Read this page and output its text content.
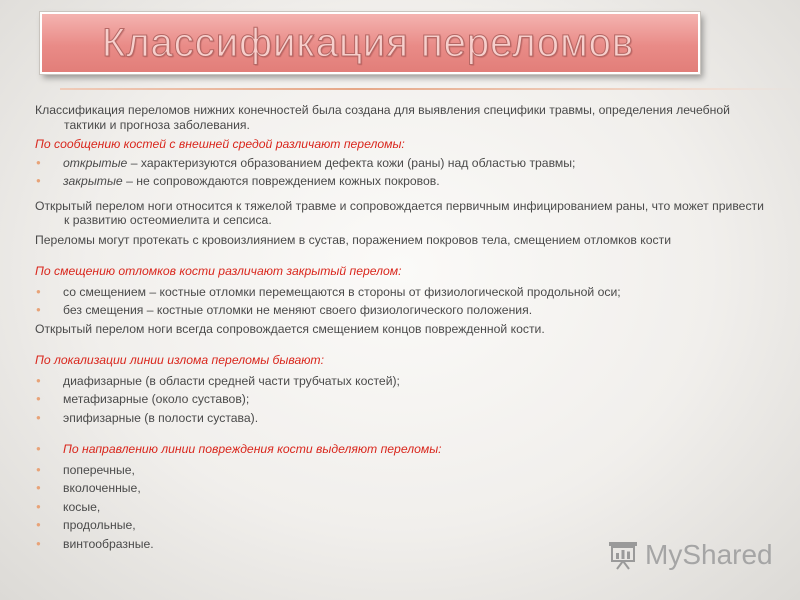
Классификация переломов

Классификация переломов нижних конечностей была создана для выявления специфики травмы, определения лечебной тактики и прогноза заболевания.

По сообщению костей с внешней средой различают переломы:

● открытые – характеризуются образованием дефекта кожи (раны) над областью травмы;

● закрытые – не сопровождаются повреждением кожных покровов.

Открытый перелом ноги относится к тяжелой травме и сопровождается первичным инфицированием раны, что может привести к развитию остеомиелита и сепсиса.

Переломы могут протекать с кровоизлиянием в сустав, поражением покровов тела, смещением отломков кости

По смещению отломков кости различают закрытый перелом:

● со смещением – костные отломки перемещаются в стороны от физиологической продольной оси;

● без смещения – костные отломки не меняют своего физиологического положения.

Открытый перелом ноги всегда сопровождается смещением концов поврежденной кости.

По локализации линии излома переломы бывают:

● диафизарные (в области средней части трубчатых костей);

● метафизарные (около суставов);

● эпифизарные (в полости сустава).

● По направлению линии повреждения кости выделяют переломы:

● поперечные,

● вколоченные,

● косые,

● продольные,

● винтообразные.	MyShared
